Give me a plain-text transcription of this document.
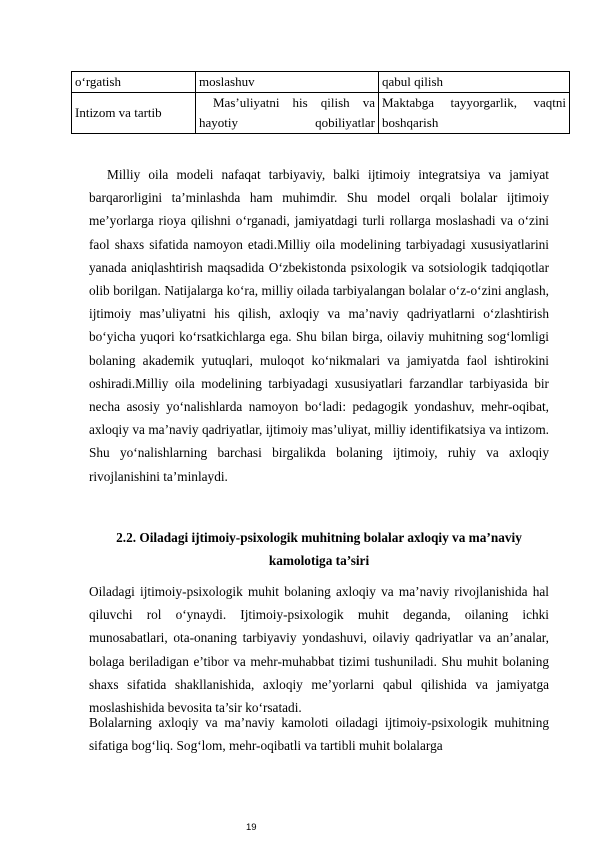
o‘rgatish	moslashuv	qabul qilish
Intizom va tartib	Mas’uliyatni his qilish va hayotiy qobiliyatlar	Maktabga tayyorgarlik, vaqtni boshqarish
Milliy oila modeli nafaqat tarbiyaviy, balki ijtimoiy integratsiya va jamiyat barqarorligini ta’minlashda ham muhimdir. Shu model orqali bolalar ijtimoiy me’yorlarga rioya qilishni o‘rganadi, jamiyatdagi turli rollarga moslashadi va o‘zini faol shaxs sifatida namoyon etadi.Milliy oila modelining tarbiyadagi xususiyatlarini yanada aniqlashtirish maqsadida O‘zbekistonda psixologik va sotsiologik tadqiqotlar olib borilgan. Natijalarga ko‘ra, milliy oilada tarbiyalangan bolalar o‘z-o‘zini anglash, ijtimoiy mas’uliyatni his qilish, axloqiy va ma’naviy qadriyatlarni o‘zlashtirish bo‘yicha yuqori ko‘rsatkichlarga ega. Shu bilan birga, oilaviy muhitning sog‘lomligi bolaning akademik yutuqlari, muloqot ko‘nikmalari va jamiyatda faol ishtirokini oshiradi.Milliy oila modelining tarbiyadagi xususiyatlari farzandlar tarbiyasida bir necha asosiy yo‘nalishlarda namoyon bo‘ladi: pedagogik yondashuv, mehr-oqibat, axloqiy va ma’naviy qadriyatlar, ijtimoiy mas’uliyat, milliy identifikatsiya va intizom. Shu yo‘nalishlarning barchasi birgalikda bolaning ijtimoiy, ruhiy va axloqiy rivojlanishini ta’minlaydi.
2.2. Oiladagi ijtimoiy-psixologik muhitning bolalar axloqiy va ma’naviy
kamolotiga ta’siri
Oiladagi ijtimoiy-psixologik muhit bolaning axloqiy va ma’naviy rivojlanishida hal qiluvchi rol o‘ynaydi. Ijtimoiy-psixologik muhit deganda, oilaning ichki munosabatlari, ota-onaning tarbiyaviy yondashuvi, oilaviy qadriyatlar va an’analar, bolaga beriladigan e’tibor va mehr-muhabbat tizimi tushuniladi. Shu muhit bolaning shaxs sifatida shakllanishida, axloqiy me’yorlarni qabul qilishida va jamiyatga moslashishida bevosita ta’sir ko‘rsatadi.
Bolalarning axloqiy va ma’naviy kamoloti oiladagi ijtimoiy-psixologik muhitning sifatiga bog‘liq. Sog‘lom, mehr-oqibatli va tartibli muhit bolalarga
19
